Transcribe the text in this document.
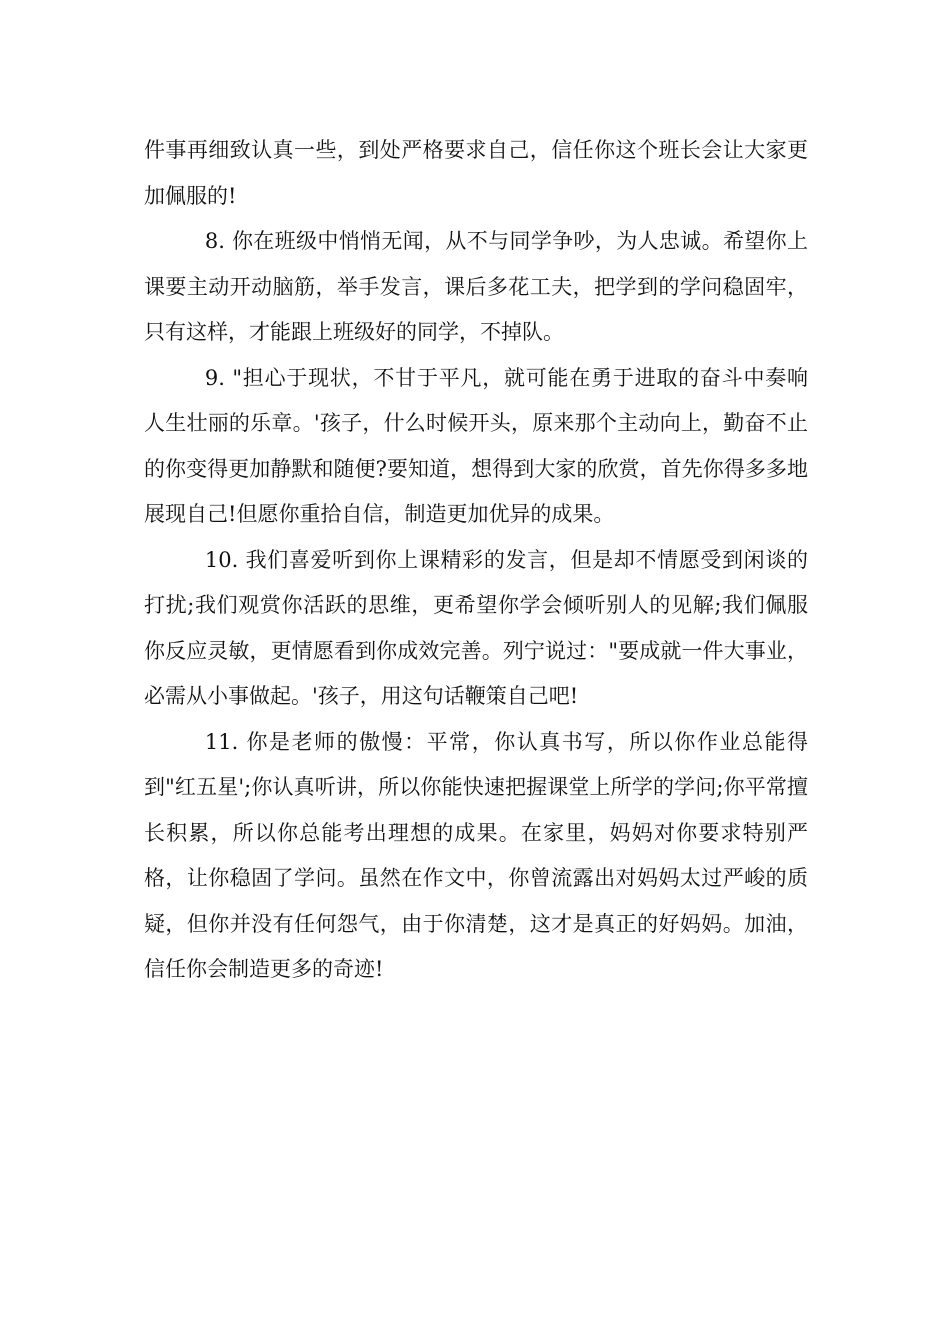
件事再细致认真一些，到处严格要求自己，信任你这个班长会让大家更加佩服的!

8. 你在班级中悄悄无闻，从不与同学争吵，为人忠诚。希望你上课要主动开动脑筋，举手发言，课后多花工夫，把学到的学问稳固牢，只有这样，才能跟上班级好的同学，不掉队。

9. "担心于现状，不甘于平凡，就可能在勇于进取的奋斗中奏响人生壮丽的乐章。'孩子，什么时候开头，原来那个主动向上，勤奋不止的你变得更加静默和随便?要知道，想得到大家的欣赏，首先你得多多地展现自己!但愿你重拾自信，制造更加优异的成果。

10. 我们喜爱听到你上课精彩的发言，但是却不情愿受到闲谈的打扰;我们观赏你活跃的思维，更希望你学会倾听别人的见解;我们佩服你反应灵敏，更情愿看到你成效完善。列宁说过："要成就一件大事业，必需从小事做起。'孩子，用这句话鞭策自己吧!

11. 你是老师的傲慢：平常，你认真书写，所以你作业总能得到"红五星';你认真听讲，所以你能快速把握课堂上所学的学问;你平常擅长积累，所以你总能考出理想的成果。在家里，妈妈对你要求特别严格，让你稳固了学问。虽然在作文中，你曾流露出对妈妈太过严峻的质疑，但你并没有任何怨气，由于你清楚，这才是真正的好妈妈。加油，信任你会制造更多的奇迹!
